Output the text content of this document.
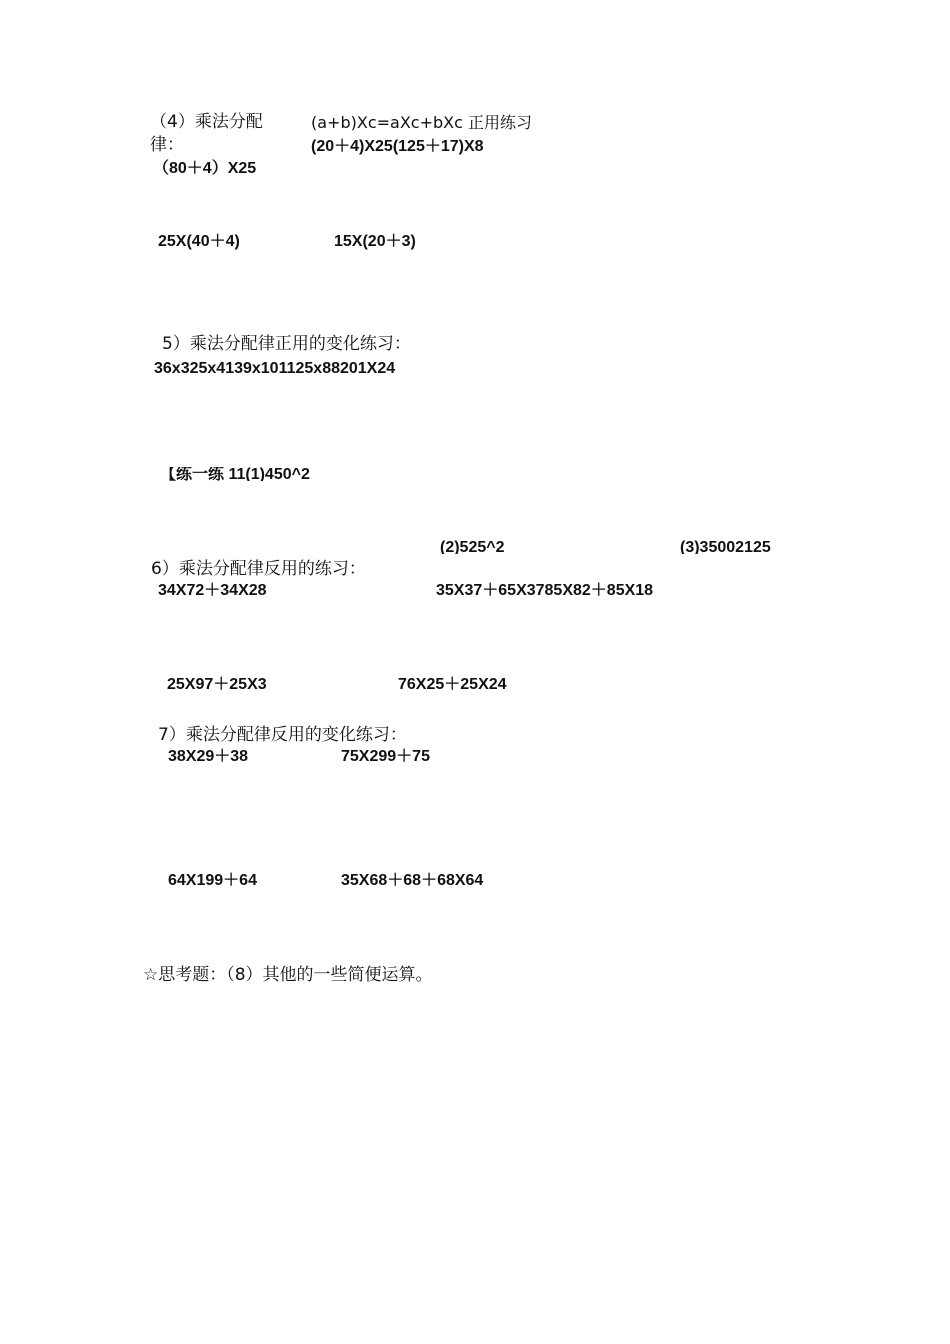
（4）乘法分配
律：
(a+b)Xc=aXc+bXc 正用练习
(20＋4)X25(125＋17)X8
（80＋4）X25
25X(40＋4)	15X(20＋3)
5）乘法分配律正用的变化练习：
36x325x4139x101125x88201X24
【练一练 11(1)450^2
(2)525^2	(3)35002125
6）乘法分配律反用的练习：
34X72＋34X28	35X37＋65X3785X82＋85X18
25X97＋25X3	76X25＋25X24
7）乘法分配律反用的变化练习：
38X29＋38	75X299＋75
64X199＋64	35X68＋68＋68X64
☆思考题：（8）其他的一些简便运算。
